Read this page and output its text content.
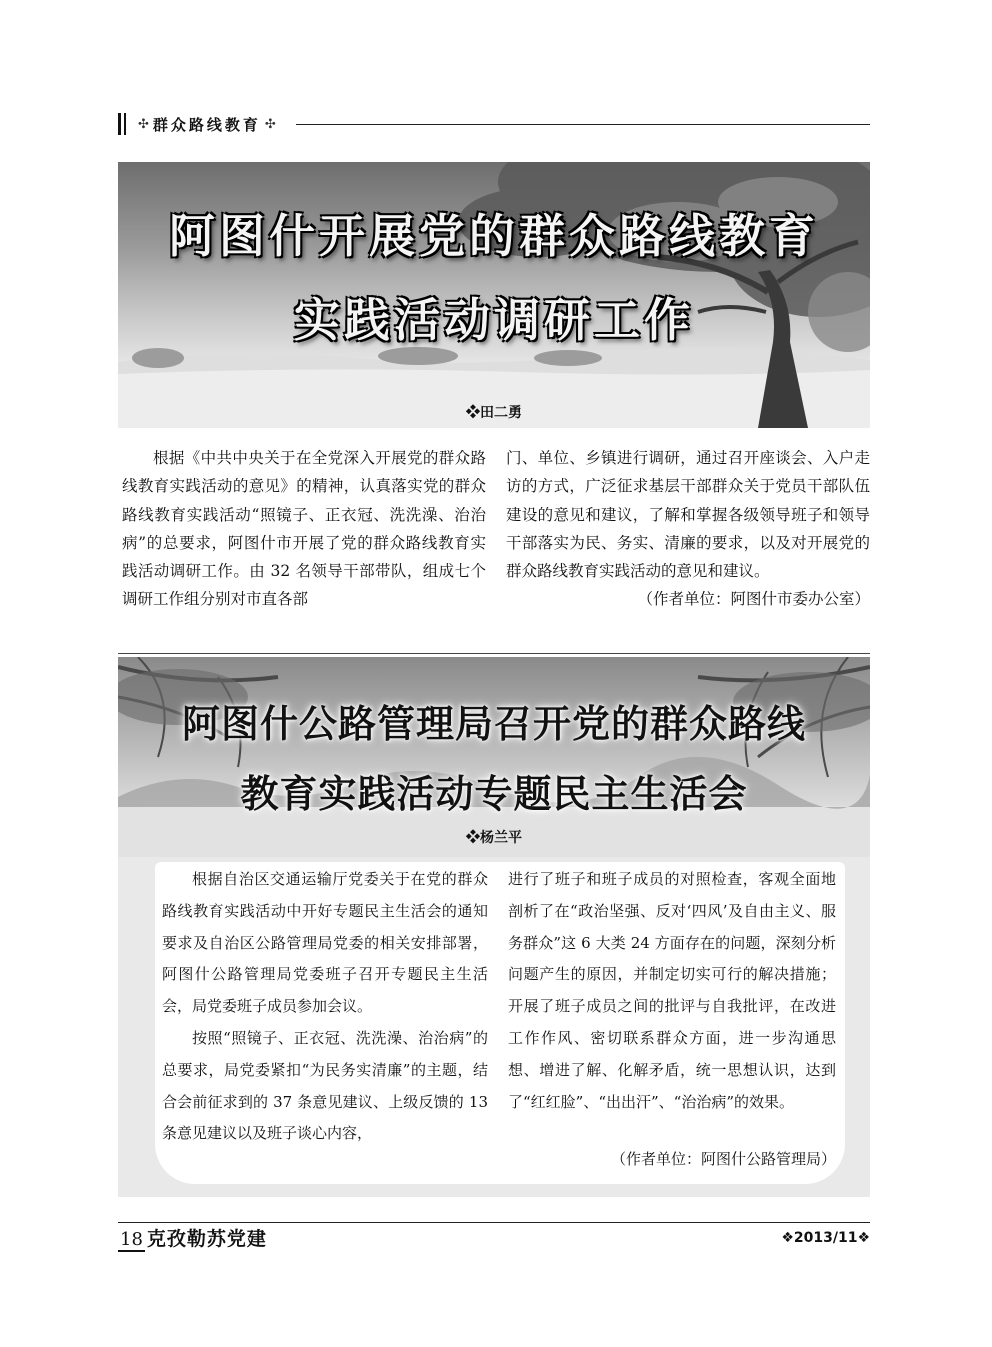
✣ 群众路线教育 ✣
阿图什开展党的群众路线教育
实践活动调研工作
❖田二勇

根据《中共中央关于在全党深入开展党的群众路线教育实践活动的意见》的精神，认真落实党的群众路线教育实践活动“照镜子、正衣冠、洗洗澡、治治病”的总要求，阿图什市开展了党的群众路线教育实践活动调研工作。由 32 名领导干部带队，组成七个调研工作组分别对市直各部

门、单位、乡镇进行调研，通过召开座谈会、入户走访的方式，广泛征求基层干部群众关于党员干部队伍建设的意见和建议，了解和掌握各级领导班子和领导干部落实为民、务实、清廉的要求，以及对开展党的群众路线教育实践活动的意见和建议。

（作者单位：阿图什市委办公室）

阿图什公路管理局召开党的群众路线
教育实践活动专题民主生活会
❖杨兰平

根据自治区交通运输厅党委关于在党的群众路线教育实践活动中开好专题民主生活会的通知要求及自治区公路管理局党委的相关安排部署，阿图什公路管理局党委班子召开专题民主生活会，局党委班子成员参加会议。

按照“照镜子、正衣冠、洗洗澡、治治病”的总要求，局党委紧扣“为民务实清廉”的主题，结合会前征求到的 37 条意见建议、上级反馈的 13 条意见建议以及班子谈心内容，

进行了班子和班子成员的对照检查，客观全面地剖析了在“政治坚强、反对‘四风’及自由主义、服务群众”这 6 大类 24 方面存在的问题，深刻分析问题产生的原因，并制定切实可行的解决措施；开展了班子成员之间的批评与自我批评，在改进工作作风、密切联系群众方面，进一步沟通思想、增进了解、化解矛盾，统一思想认识，达到了“红红脸”、“出出汗”、“治治病”的效果。

（作者单位：阿图什公路管理局）
18 克孜勒苏党建	❖2013/11❖
